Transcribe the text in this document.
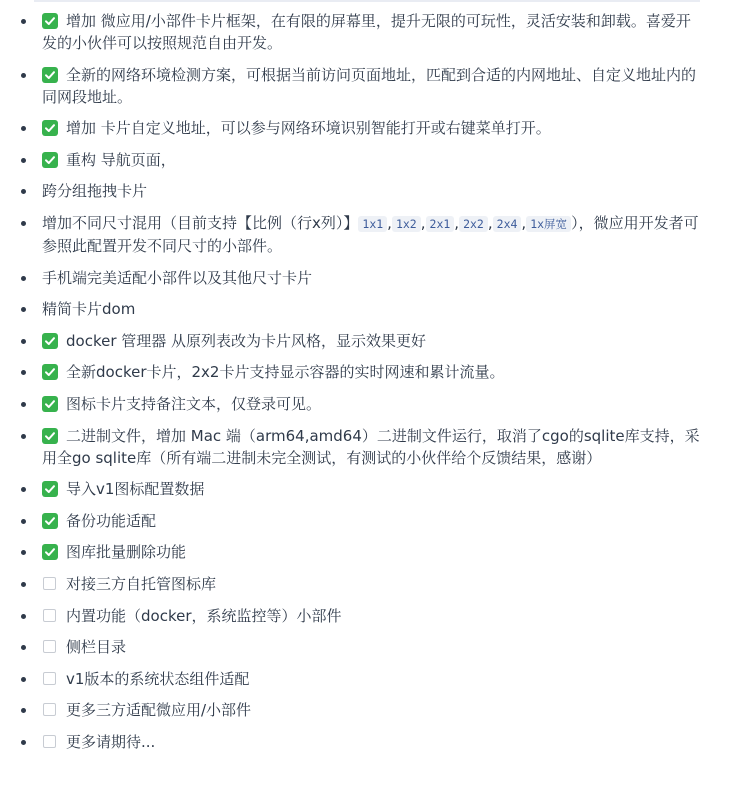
增加 微应用/小部件卡片框架，在有限的屏幕里，提升无限的可玩性，灵活安装和卸载。喜爱开发的小伙伴可以按照规范自由开发。
全新的网络环境检测方案，可根据当前访问页面地址，匹配到合适的内网地址、自定义地址内的同网段地址。
增加 卡片自定义地址，可以参与网络环境识别智能打开或右键菜单打开。
重构 导航页面，
跨分组拖拽卡片
增加不同尺寸混用（目前支持【比例（行x列）】 1x1 , 1x2 , 2x1 , 2x2 , 2x4 , 1x屏宽 ），微应用开发者可参照此配置开发不同尺寸的小部件。
手机端完美适配小部件以及其他尺寸卡片
精简卡片dom
docker 管理器 从原列表改为卡片风格，显示效果更好
全新docker卡片，2x2卡片支持显示容器的实时网速和累计流量。
图标卡片支持备注文本，仅登录可见。
二进制文件，增加 Mac 端（arm64,amd64）二进制文件运行，取消了cgo的sqlite库支持，采用全go sqlite库（所有端二进制未完全测试，有测试的小伙伴给个反馈结果，感谢）
导入v1图标配置数据
备份功能适配
图库批量删除功能
对接三方自托管图标库
内置功能（docker，系统监控等）小部件
侧栏目录
v1版本的系统状态组件适配
更多三方适配微应用/小部件
更多请期待...
